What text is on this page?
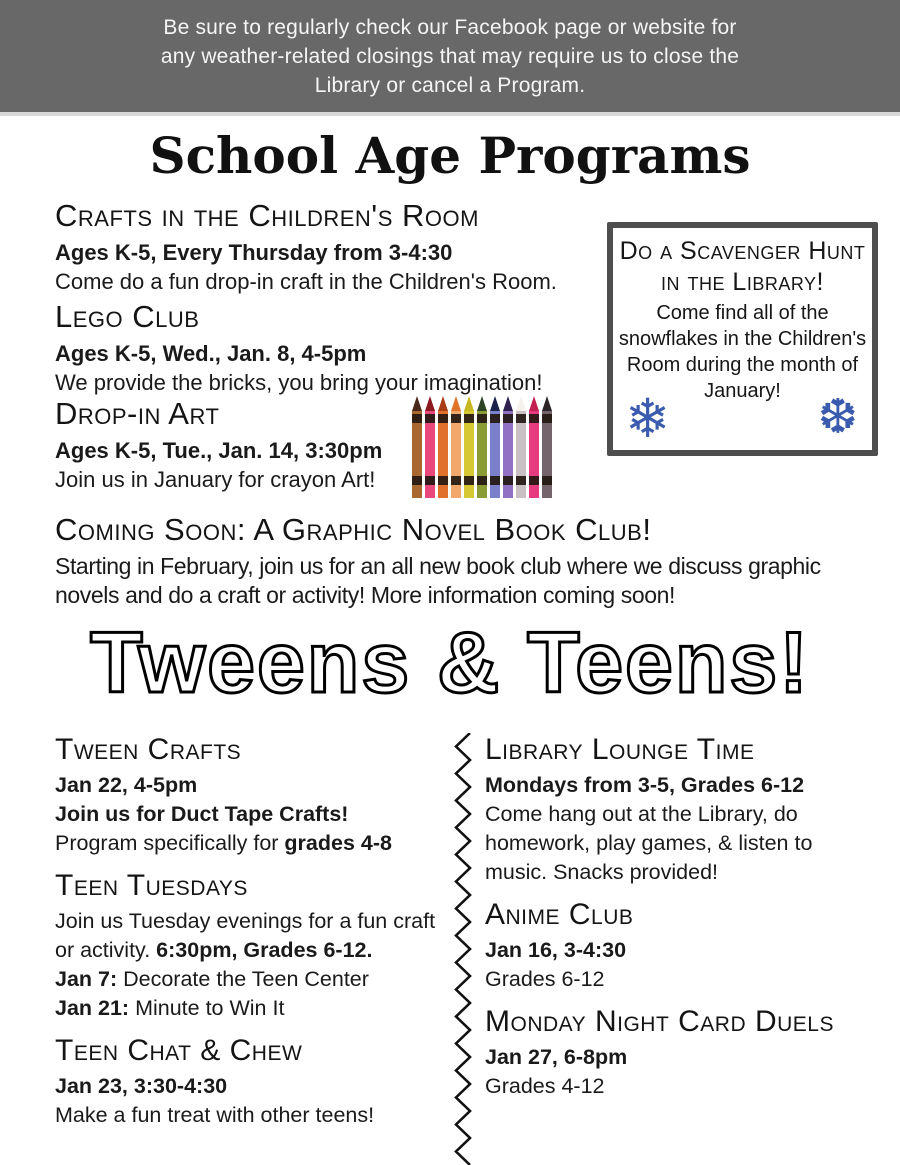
Be sure to regularly check our Facebook page or website for
any weather-related closings that may require us to close the
Library or cancel a Program.
School Age Programs
Crafts in the Children's Room
Ages K-5, Every Thursday from 3-4:30
Come do a fun drop-in craft in the Children's Room.
Lego Club
Ages K-5, Wed., Jan. 8, 4-5pm
We provide the bricks, you bring your imagination!
Drop-in Art
Ages K-5, Tue., Jan. 14, 3:30pm
Join us in January for crayon Art!
Do a Scavenger Hunt
in the Library!
Come find all of the
snowflakes in the Children's
Room during the month of
January!
❄	❆
Coming Soon: A Graphic Novel Book Club!
Starting in February, join us for an all new book club where we discuss graphic
novels and do a craft or activity! More information coming soon!
Tweens & Teens!
Tween Crafts
Jan 22, 4-5pm
Join us for Duct Tape Crafts!
Program specifically for grades 4-8
Teen Tuesdays
Join us Tuesday evenings for a fun craft
or activity. 6:30pm, Grades 6-12.
Jan 7: Decorate the Teen Center
Jan 21: Minute to Win It
Teen Chat & Chew
Jan 23, 3:30-4:30
Make a fun treat with other teens!
Library Lounge Time
Mondays from 3-5, Grades 6-12
Come hang out at the Library, do
homework, play games, & listen to
music. Snacks provided!
Anime Club
Jan 16, 3-4:30
Grades 6-12
Monday Night Card Duels
Jan 27, 6-8pm
Grades 4-12
